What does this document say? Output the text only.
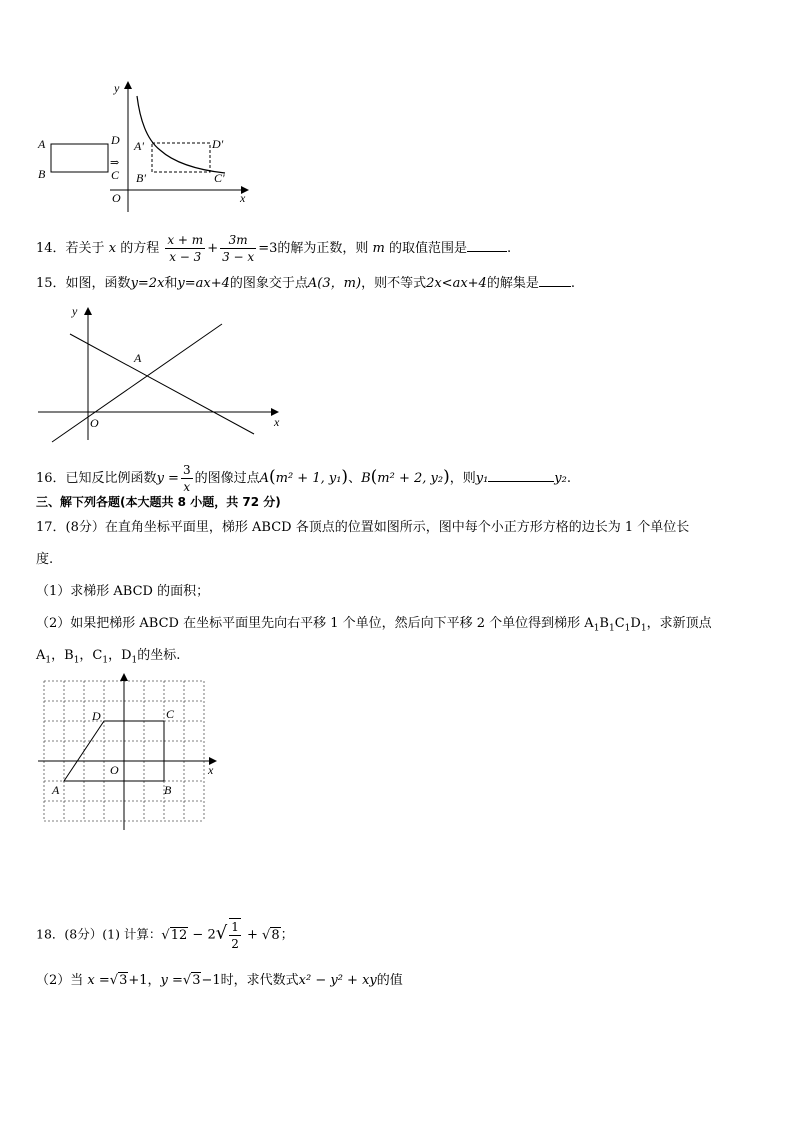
y
A
B
D
C
⇒
A'
B'
D'
C'
O	x
14．若关于 x 的方程 $\frac{x + m}{x - 3} + \frac{3m}{3 - x} =3$的解为正数，则 m 的取值范围是	.
15．如图，函数y=2x和y=ax+4的图象交于点A(3，m)，则不等式2x<ax+4的解集是 .
y
A
O	x
16．已知反比例函数$y = \frac{3}{x}$ 的图像过点A(m² + 1, y₁)、B(m² + 2, y₂)，则y₁	y₂.
三、解下列各题(本大题共 8 小题，共 72 分)
17．(8分）在直角坐标平面里，梯形 ABCD 各顶点的位置如图所示，图中每个小正方形方格的边长为 1 个单位长
度.
（1）求梯形 ABCD 的面积；
（2）如果把梯形 ABCD 在坐标平面里先向右平移 1 个单位，然后向下平移 2 个单位得到梯形 $A_1B_1C_1D_1$，求新顶点
$A_1$，$B_1$，$C_1$，$D_1$的坐标.
D	C
O	x
A	B
18．(8分）(1) 计算：$√12 - 2√ \frac{1}{2} + √8$；
（2）当 x =√3+1，y =√3−1时，求代数式x² − y² + xy的值
